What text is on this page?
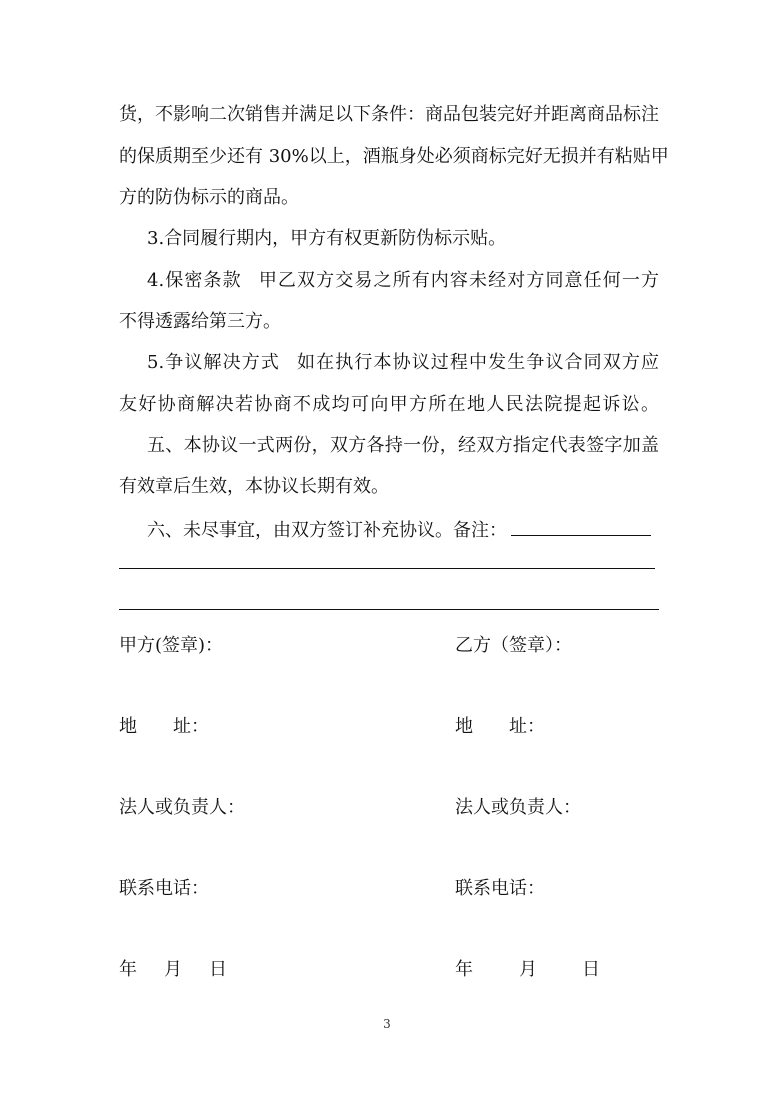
货，不影响二次销售并满足以下条件：商品包装完好并距离商品标注
的保质期至少还有 30%以上，酒瓶身处必须商标完好无损并有粘贴甲
方的防伪标示的商品。
3.合同履行期内，甲方有权更新防伪标示贴。
4.保密条款 甲乙双方交易之所有内容未经对方同意任何一方
不得透露给第三方。
5.争议解决方式 如在执行本协议过程中发生争议合同双方应
友好协商解决若协商不成均可向甲方所在地人民法院提起诉讼。
五、本协议一式两份，双方各持一份，经双方指定代表签字加盖
有效章后生效，本协议长期有效。
六、未尽事宜，由双方签订补充协议。备注：
甲方(签章)：
地　　址：
法人或负责人：
联系电话：
年 月 日
乙方（签章）：
地　　址：
法人或负责人：
联系电话：
年	月	日
3
